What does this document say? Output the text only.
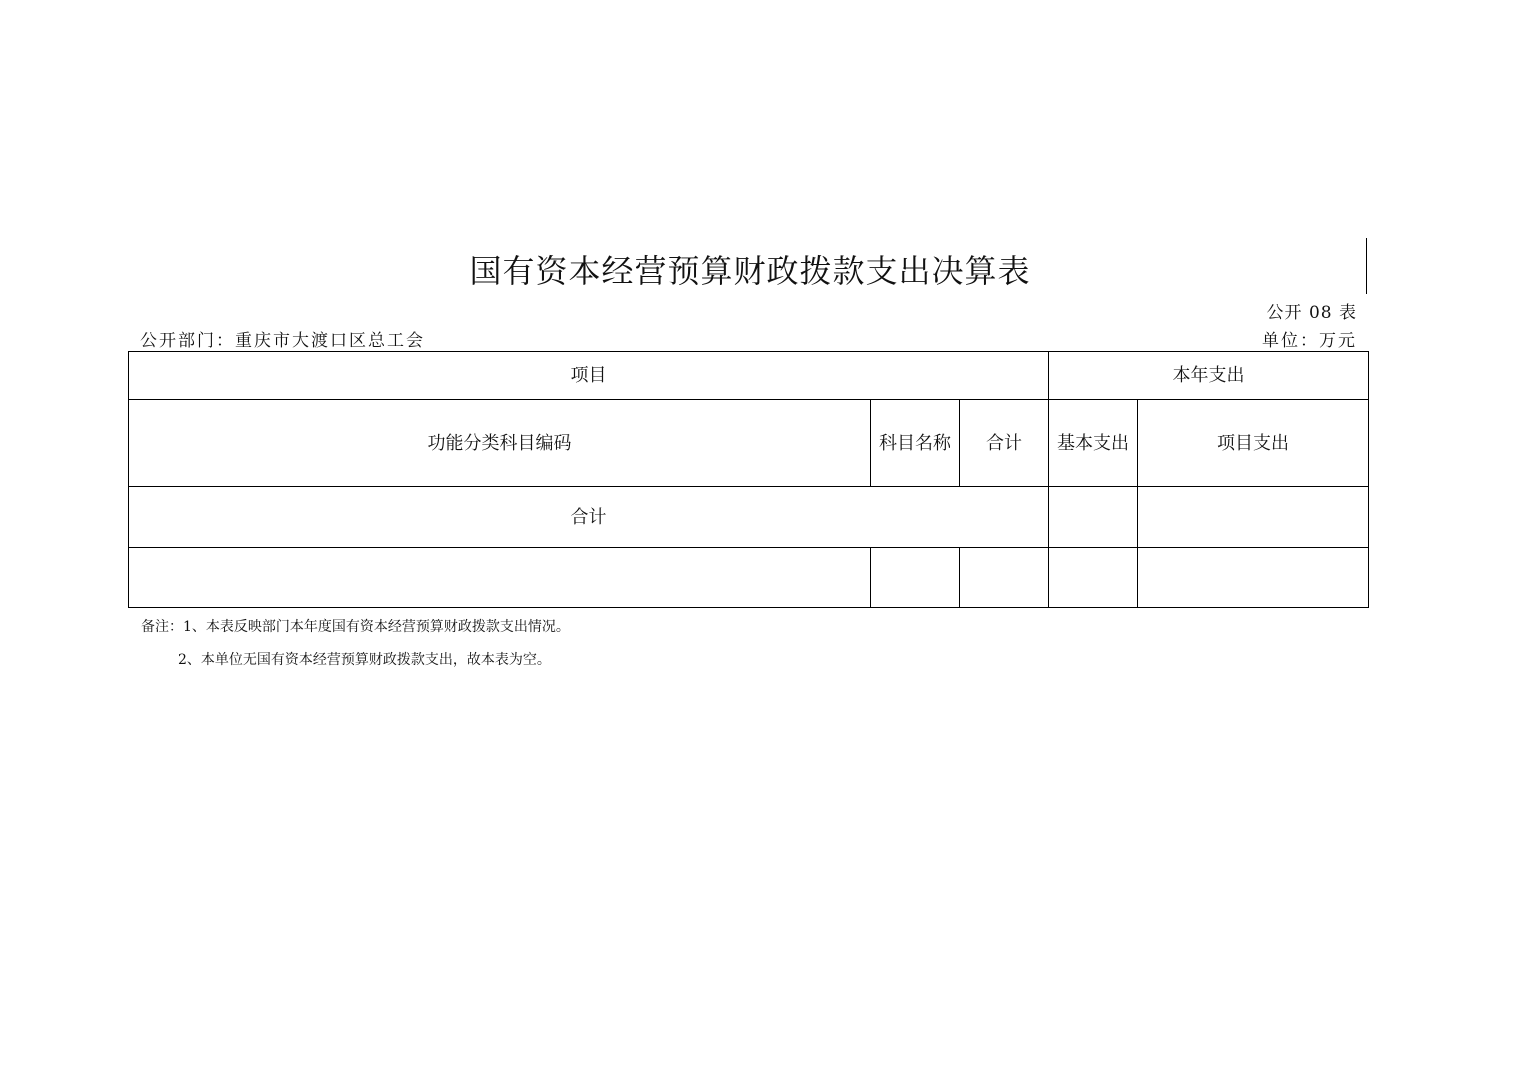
国有资本经营预算财政拨款支出决算表
公开 08 表
公开部门：重庆市大渡口区总工会	单位：万元
项目			本年支出	
功能分类科目编码	科目名称	合计	基本支出	项目支出
合计				

备注：1、本表反映部门本年度国有资本经营预算财政拨款支出情况。
2、本单位无国有资本经营预算财政拨款支出，故本表为空。
